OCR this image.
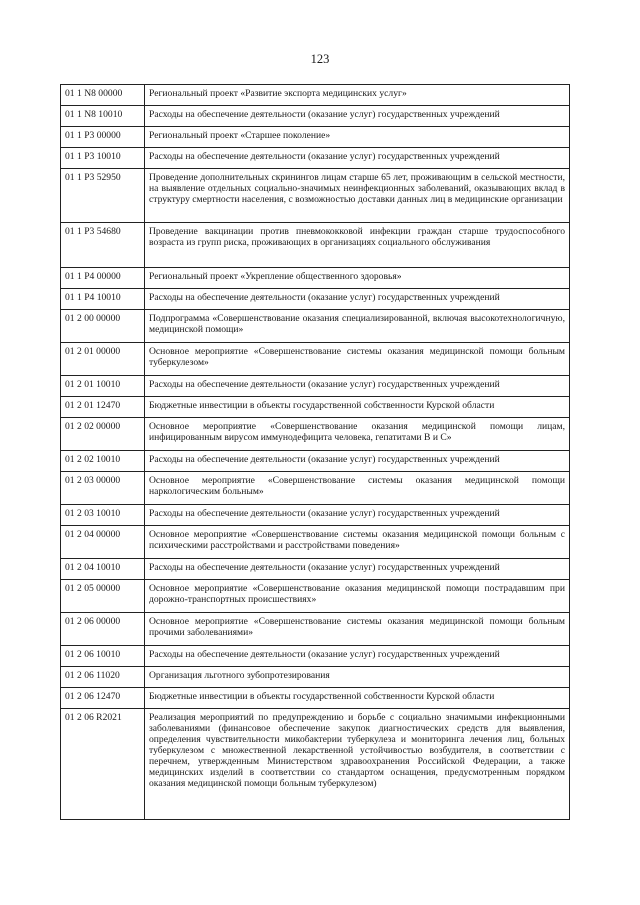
123
01 1 N8 00000	Региональный проект «Развитие экспорта медицинских услуг»
01 1 N8 10010	Расходы на обеспечение деятельности (оказание услуг) государственных учреждений
01 1 P3 00000	Региональный проект «Старшее поколение»
01 1 P3 10010	Расходы на обеспечение деятельности (оказание услуг) государственных учреждений
01 1 P3 52950	Проведение дополнительных скринингов лицам старше 65 лет, проживающим в сельской местности, на выявление отдельных социально-значимых неинфекционных заболеваний, оказывающих вклад в структуру смертности населения, с возможностью доставки данных лиц в медицинские организации
01 1 P3 54680	Проведение вакцинации против пневмококковой инфекции граждан старше трудоспособного возраста из групп риска, проживающих в организациях социального обслуживания
01 1 P4 00000	Региональный проект «Укрепление общественного здоровья»
01 1 P4 10010	Расходы на обеспечение деятельности (оказание услуг) государственных учреждений
01 2 00 00000	Подпрограмма «Совершенствование оказания специализированной, включая высокотехнологичную, медицинской помощи»
01 2 01 00000	Основное мероприятие «Совершенствование системы оказания медицинской помощи больным туберкулезом»
01 2 01 10010	Расходы на обеспечение деятельности (оказание услуг) государственных учреждений
01 2 01 12470	Бюджетные инвестиции в объекты государственной собственности Курской области
01 2 02 00000	Основное мероприятие «Совершенствование оказания медицинской помощи лицам, инфицированным вирусом иммунодефицита человека, гепатитами B и C»
01 2 02 10010	Расходы на обеспечение деятельности (оказание услуг) государственных учреждений
01 2 03 00000	Основное мероприятие «Совершенствование системы оказания медицинской помощи наркологическим больным»
01 2 03 10010	Расходы на обеспечение деятельности (оказание услуг) государственных учреждений
01 2 04 00000	Основное мероприятие «Совершенствование системы оказания медицинской помощи больным с психическими расстройствами и расстройствами поведения»
01 2 04 10010	Расходы на обеспечение деятельности (оказание услуг) государственных учреждений
01 2 05 00000	Основное мероприятие «Совершенствование оказания медицинской помощи пострадавшим при дорожно-транспортных происшествиях»
01 2 06 00000	Основное мероприятие «Совершенствование системы оказания медицинской помощи больным прочими заболеваниями»
01 2 06 10010	Расходы на обеспечение деятельности (оказание услуг) государственных учреждений
01 2 06 11020	Организация льготного зубопротезирования
01 2 06 12470	Бюджетные инвестиции в объекты государственной собственности Курской области
01 2 06 R2021	Реализация мероприятий по предупреждению и борьбе с социально значимыми инфекционными заболеваниями (финансовое обеспечение закупок диагностических средств для выявления, определения чувствительности микобактерии туберкулеза и мониторинга лечения лиц, больных туберкулезом с множественной лекарственной устойчивостью возбудителя, в соответствии с перечнем, утвержденным Министерством здравоохранения Российской Федерации, а также медицинских изделий в соответствии со стандартом оснащения, предусмотренным порядком оказания медицинской помощи больным туберкулезом)
